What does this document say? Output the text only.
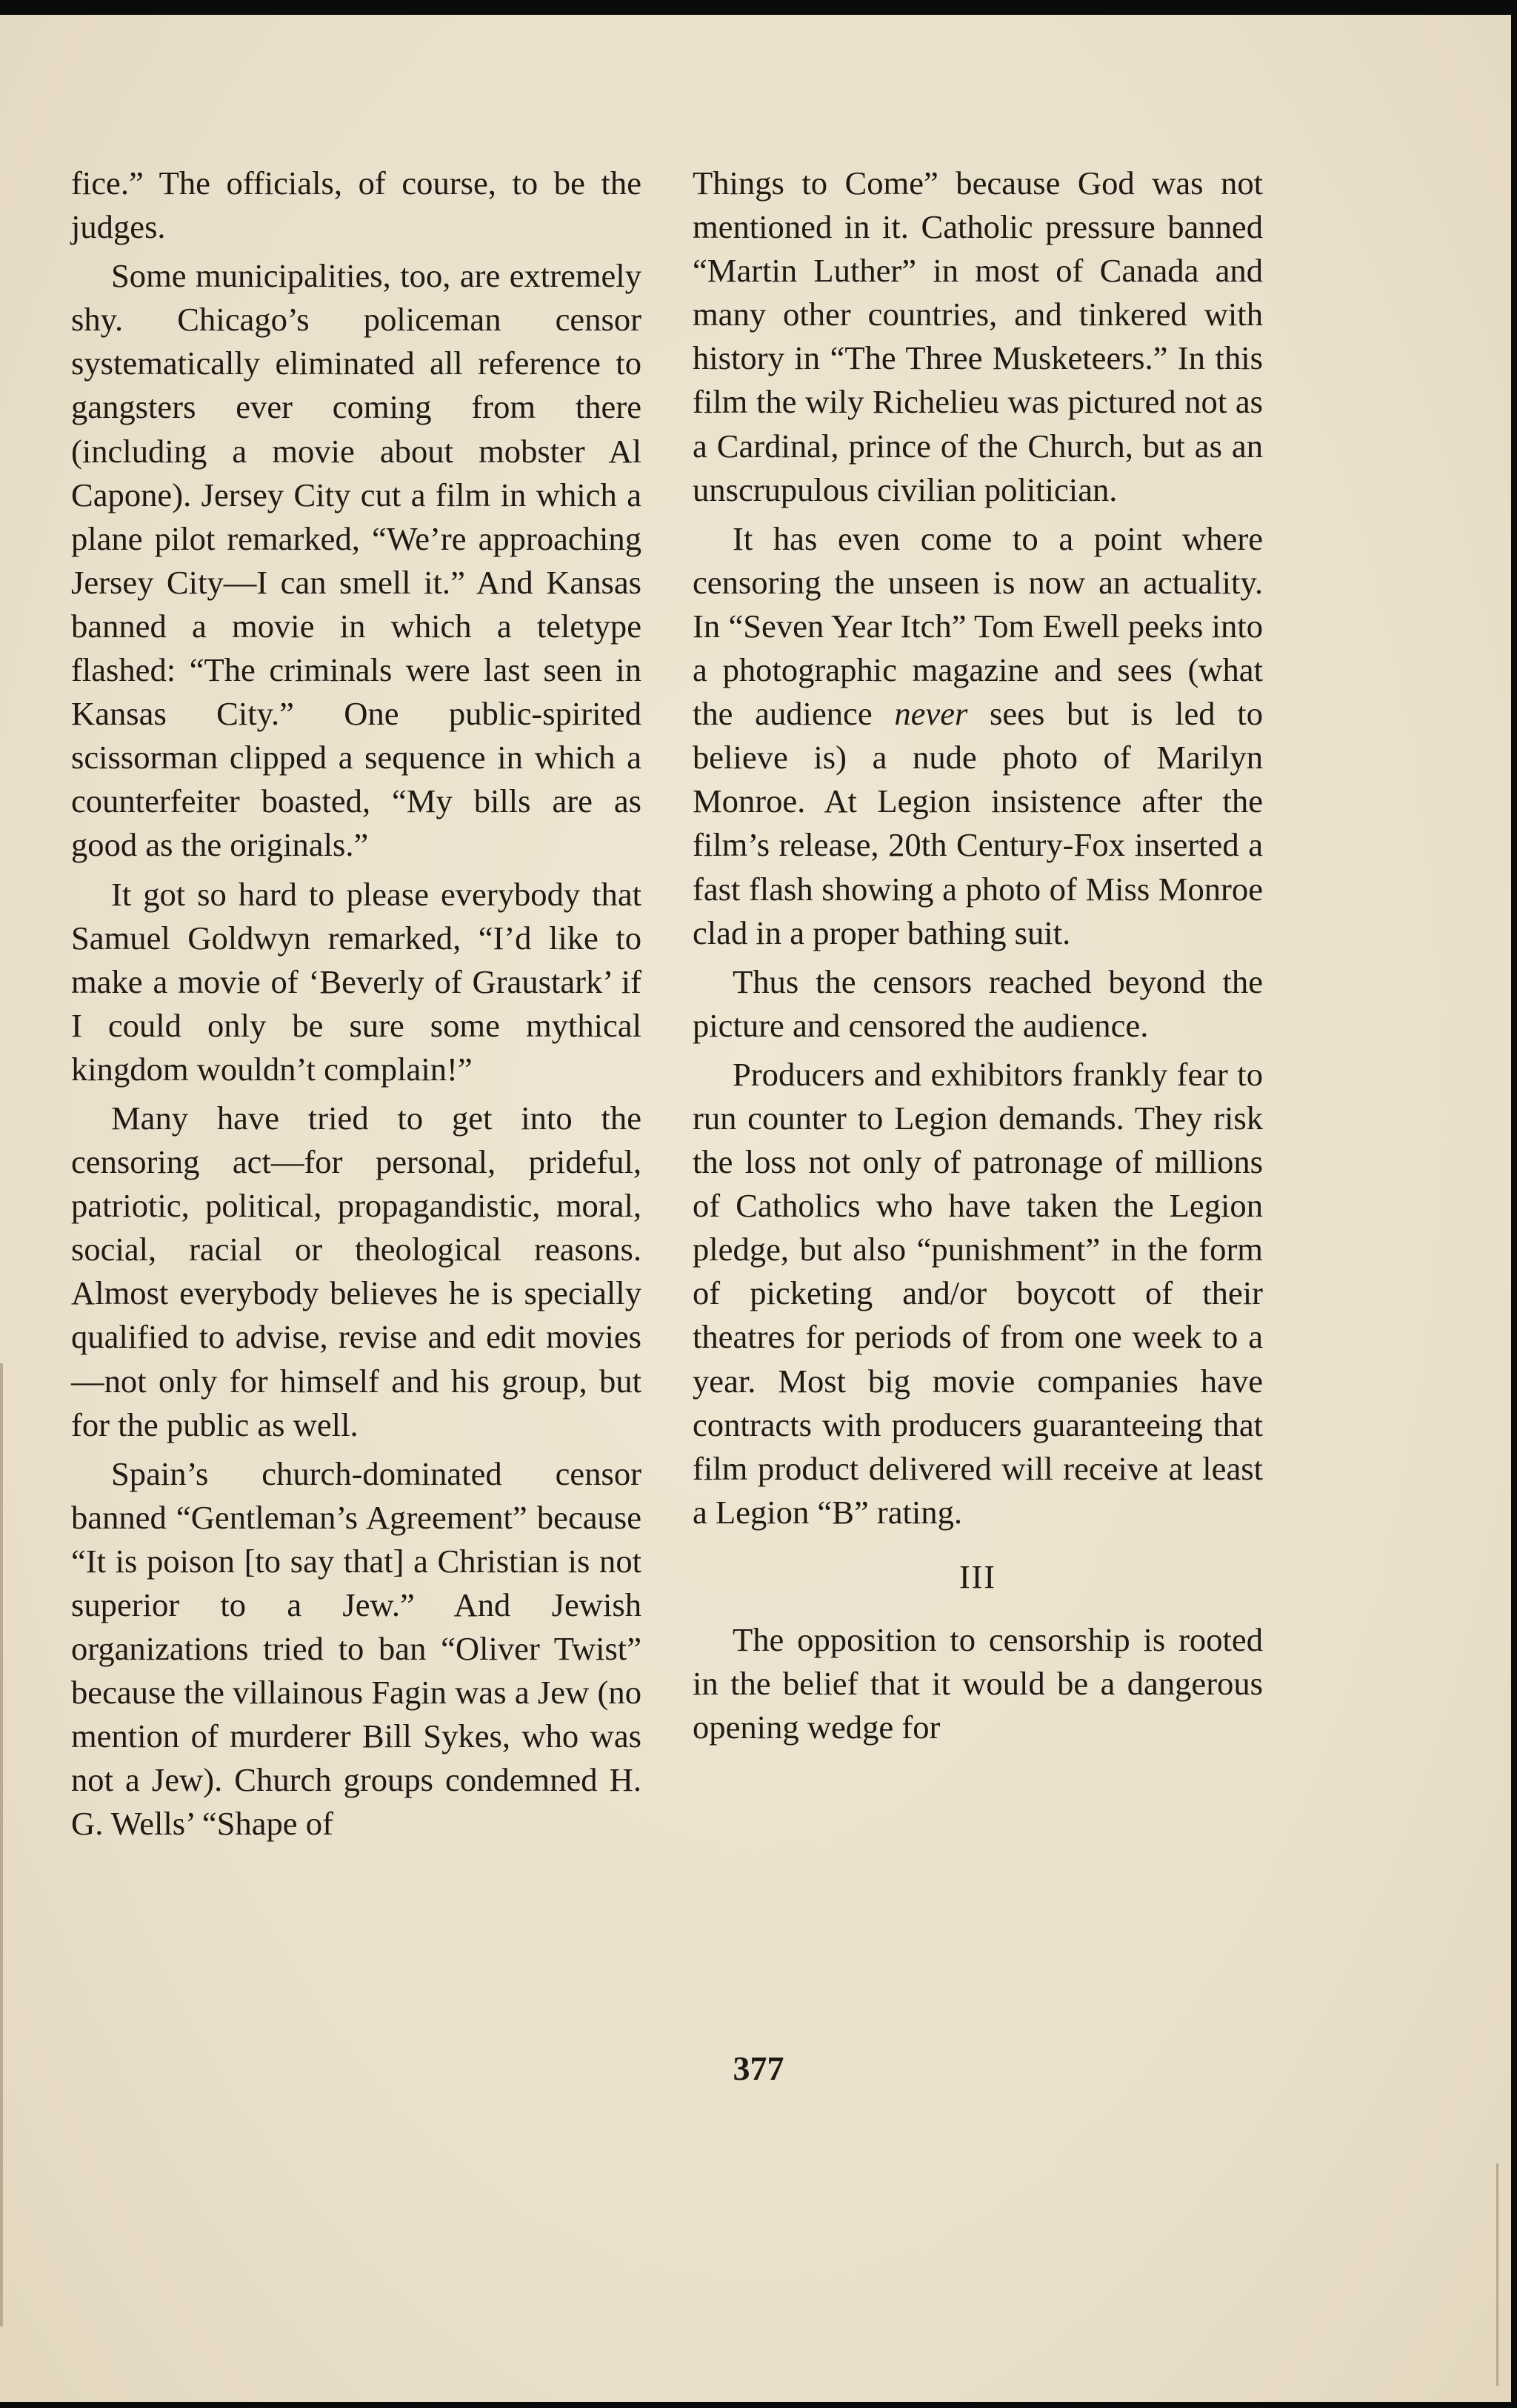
fice.” The officials, of course, to be the judges.

Some municipalities, too, are extremely shy. Chicago’s policeman censor systematically eliminated all reference to gangsters ever coming from there (including a movie about mobster Al Capone). Jersey City cut a film in which a plane pilot remarked, “We’re approaching Jersey City—I can smell it.” And Kansas banned a movie in which a teletype flashed: “The criminals were last seen in Kansas City.” One public-spirited scissorman clipped a sequence in which a counterfeiter boasted, “My bills are as good as the originals.”

It got so hard to please everybody that Samuel Goldwyn remarked, “I’d like to make a movie of ‘Beverly of Graustark’ if I could only be sure some mythical kingdom wouldn’t complain!”

Many have tried to get into the censoring act—for personal, prideful, patriotic, political, propagandistic, moral, social, racial or theological reasons. Almost everybody believes he is specially qualified to advise, revise and edit movies—not only for himself and his group, but for the public as well.

Spain’s church-dominated censor banned “Gentleman’s Agreement” because “It is poison [to say that] a Christian is not superior to a Jew.” And Jewish organizations tried to ban “Oliver Twist” because the villainous Fagin was a Jew (no mention of murderer Bill Sykes, who was not a Jew). Church groups condemned H. G. Wells’ “Shape of

Things to Come” because God was not mentioned in it. Catholic pressure banned “Martin Luther” in most of Canada and many other countries, and tinkered with history in “The Three Musketeers.” In this film the wily Richelieu was pictured not as a Cardinal, prince of the Church, but as an unscrupulous civilian politician.

It has even come to a point where censoring the unseen is now an actuality. In “Seven Year Itch” Tom Ewell peeks into a photographic magazine and sees (what the audience never sees but is led to believe is) a nude photo of Marilyn Monroe. At Legion insistence after the film’s release, 20th Century-Fox inserted a fast flash showing a photo of Miss Monroe clad in a proper bathing suit.

Thus the censors reached beyond the picture and censored the audience.

Producers and exhibitors frankly fear to run counter to Legion demands. They risk the loss not only of patronage of millions of Catholics who have taken the Legion pledge, but also “punishment” in the form of picketing and/or boycott of their theatres for periods of from one week to a year. Most big movie companies have contracts with producers guaranteeing that film product delivered will receive at least a Legion “B” rating.

III

The opposition to censorship is rooted in the belief that it would be a dangerous opening wedge for

377
